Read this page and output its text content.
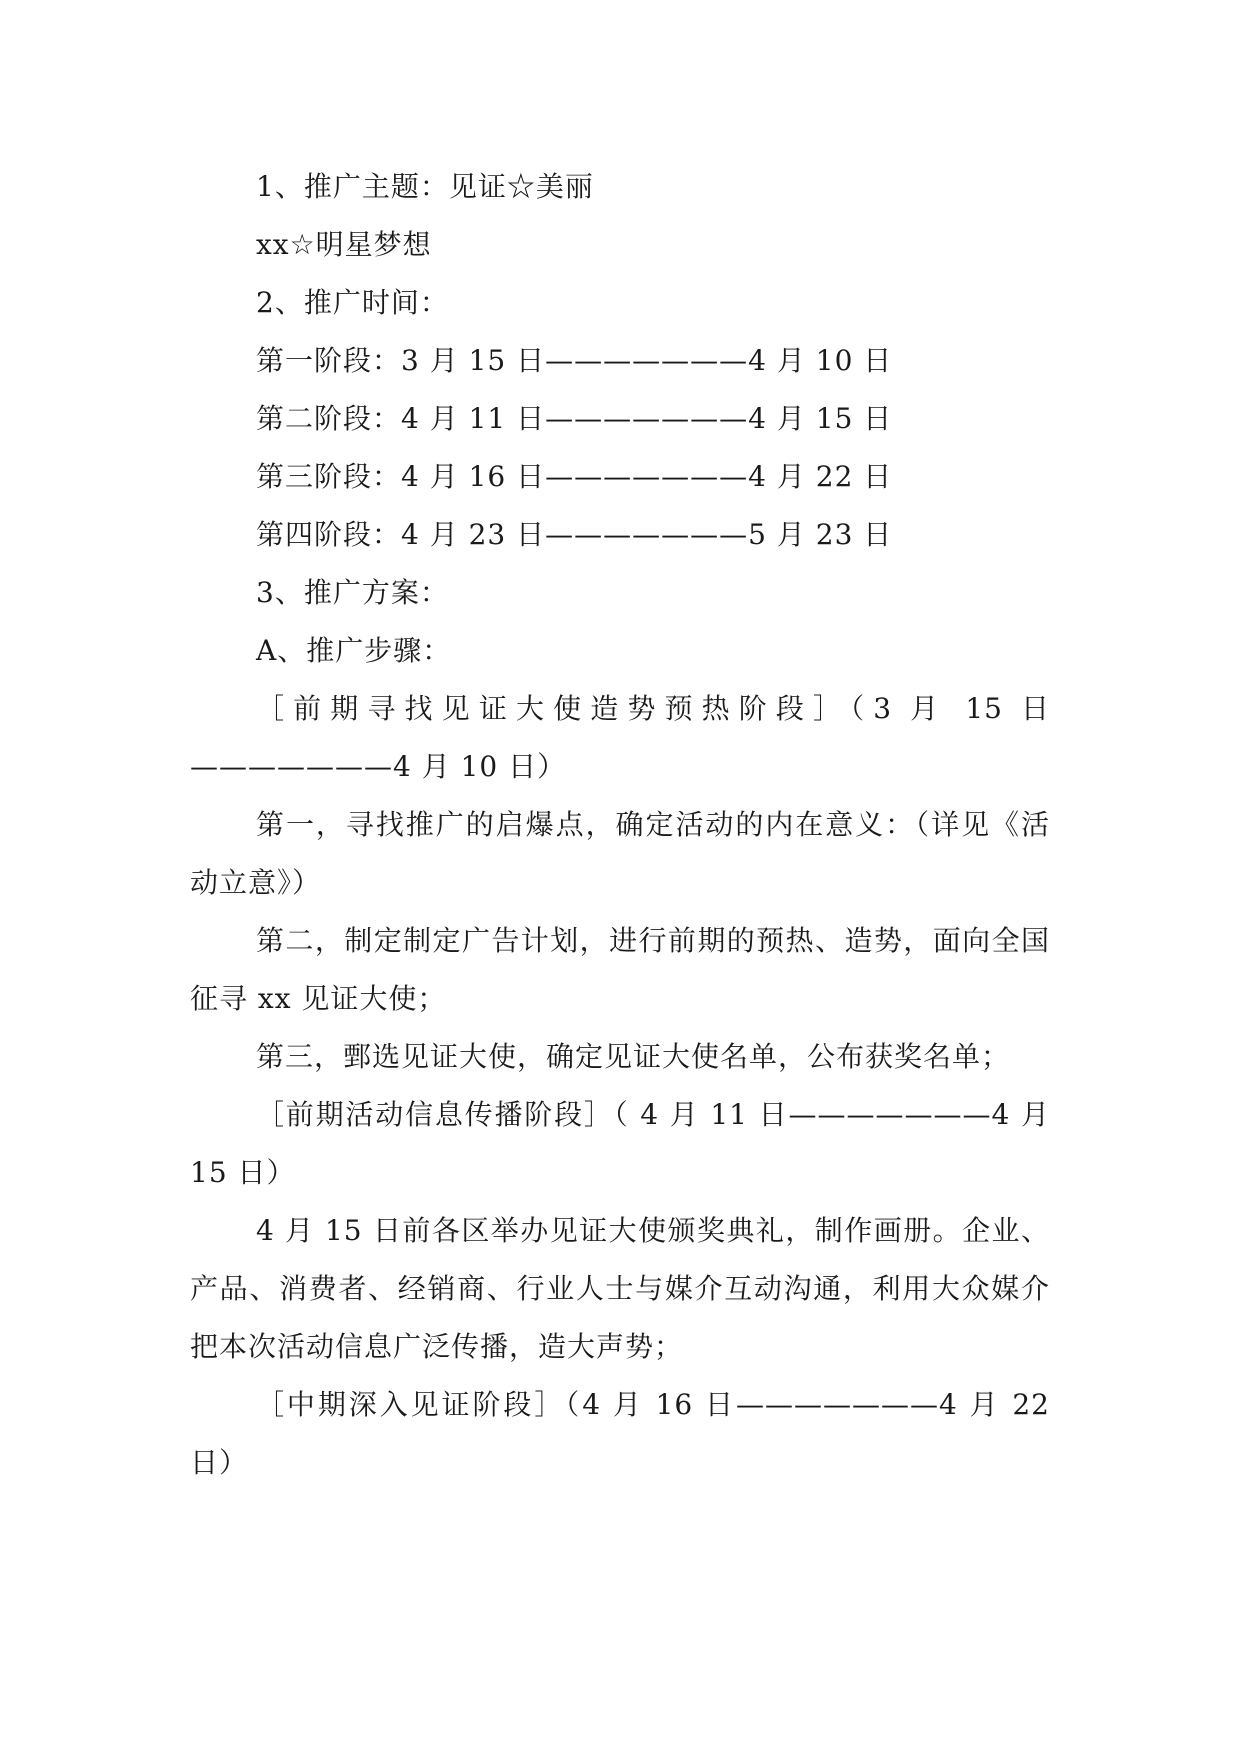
1、推广主题：见证☆美丽

xx☆明星梦想

2、推广时间：

第一阶段：3 月 15 日———————4 月 10 日

第二阶段：4 月 11 日———————4 月 15 日

第三阶段：4 月 16 日———————4 月 22 日

第四阶段：4 月 23 日———————5 月 23 日

3、推广方案：

A、推广步骤：

［前期寻找见证大使造势预热阶段］（3 月 15 日———————4 月 10 日）

第一，寻找推广的启爆点，确定活动的内在意义：（详见《活动立意》）

第二，制定制定广告计划，进行前期的预热、造势，面向全国征寻 xx 见证大使；

第三，鄄选见证大使，确定见证大使名单，公布获奖名单；

［前期活动信息传播阶段］（ 4 月 11 日———————4 月 15 日）

4 月 15 日前各区举办见证大使颁奖典礼，制作画册。企业、产品、消费者、经销商、行业人士与媒介互动沟通，利用大众媒介把本次活动信息广泛传播，造大声势；

［中期深入见证阶段］（4 月 16 日———————4 月 22 日）
